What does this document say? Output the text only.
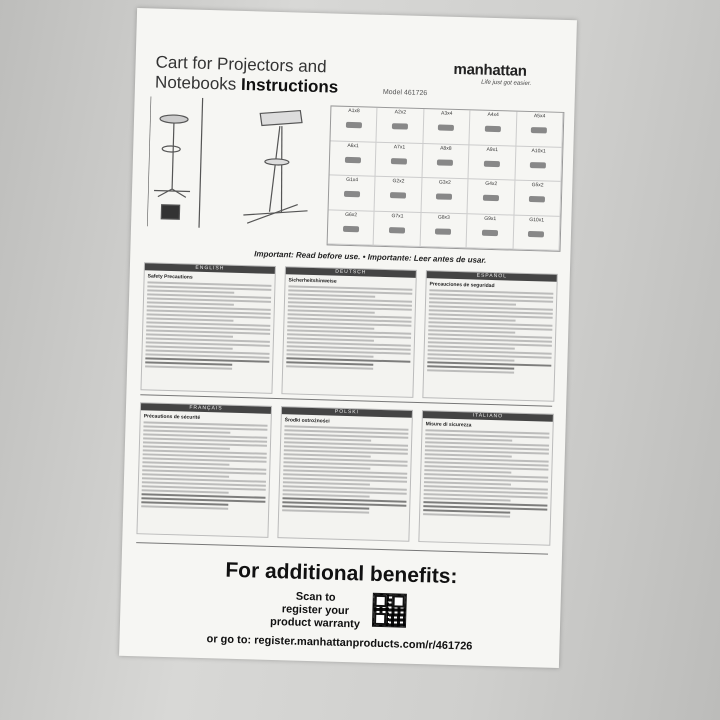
Cart for Projectors and
Notebooks Instructions	Model 461726
manhattan
Life just got easier.
A1x8	A2x2	A3x4	A4x4	A5x4
A6x1	A7x1	A8x8	A9x1	A10x1
G1x4	G2x2	G3x2	G4x2	G5x2
G6x2	G7x1	G8x3	G9x1	G10x1
Important: Read before use. • Importante: Leer antes de usar.
ENGLISH
Safety Precautions
DEUTSCH
Sicherheitshinweise
ESPAÑOL
Precauciones de seguridad
FRANÇAIS
Précautions de sécurité
POLSKI
Środki ostrożności
ITALIANO
Misure di sicurezza
For additional benefits:
Scan to
register your
product warranty
or go to: register.manhattanproducts.com/r/461726
